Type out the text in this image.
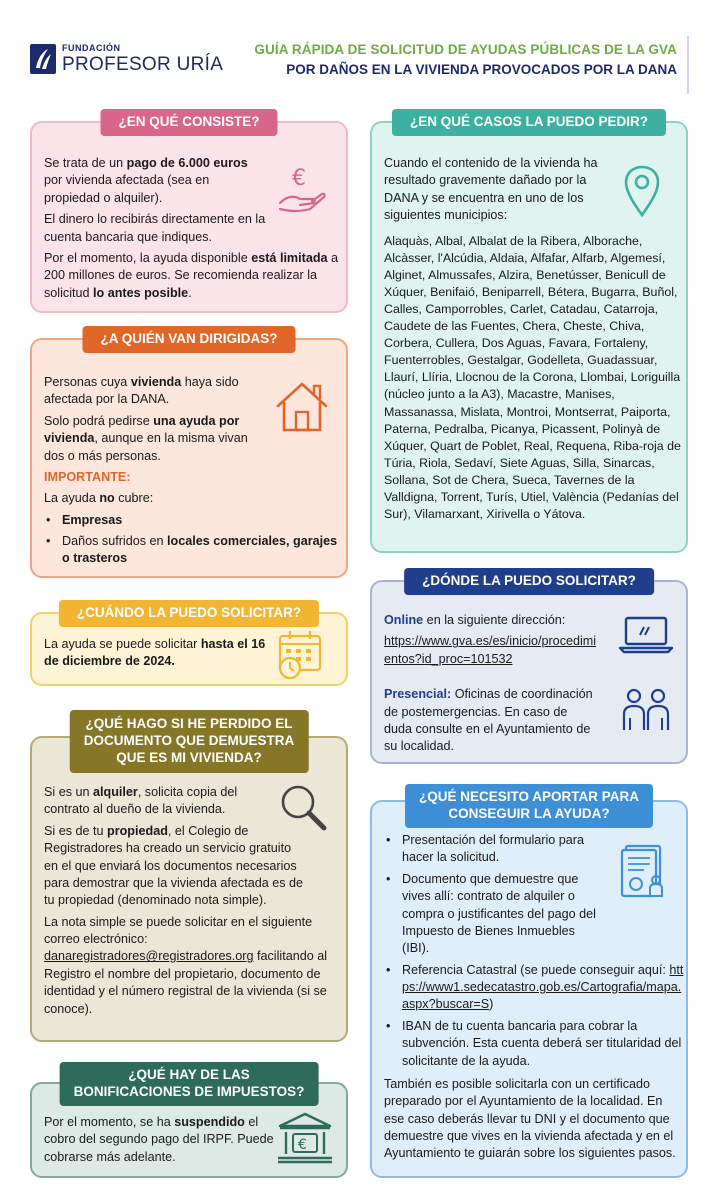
FUNDACIÓN
PROFESOR URÍA
GUÍA RÁPIDA DE SOLICITUD DE AYUDAS PÚBLICAS DE LA GVA
POR DAÑOS EN LA VIVIENDA PROVOCADOS POR LA DANA
¿EN QUÉ CONSISTE?

Se trata de un pago de 6.000 euros por vivienda afectada (sea en propiedad o alquiler).

El dinero lo recibirás directamente en la cuenta bancaria que indiques.

Por el momento, la ayuda disponible está limitada a 200 millones de euros. Se recomienda realizar la solicitud lo antes posible.

€
¿A QUIÉN VAN DIRIGIDAS?

Personas cuya vivienda haya sido afectada por la DANA.

Solo podrá pedirse una ayuda por vivienda, aunque en la misma vivan dos o más personas.

IMPORTANTE:

La ayuda no cubre:

• Empresas
• Daños sufridos en locales comerciales, garajes o trasteros
¿CUÁNDO LA PUEDO SOLICITAR?

La ayuda se puede solicitar hasta el 16 de diciembre de 2024.

¿QUÉ HAGO SI HE PERDIDO EL
DOCUMENTO QUE DEMUESTRA
QUE ES MI VIVIENDA?

Si es un alquiler, solicita copia del contrato al dueño de la vivienda.

Si es de tu propiedad, el Colegio de Registradores ha creado un servicio gratuito en el que enviará los documentos necesarios para demostrar que la vivienda afectada es de tu propiedad (denominado nota simple).

La nota simple se puede solicitar en el siguiente correo electrónico: danaregistradores@registradores.org facilitando al Registro el nombre del propietario, documento de identidad y el número registral de la vivienda (si se conoce).

¿QUÉ HAY DE LAS
BONIFICACIONES DE IMPUESTOS?

Por el momento, se ha suspendido el cobro del segundo pago del IRPF. Puede cobrarse más adelante.

€
¿EN QUÉ CASOS LA PUEDO PEDIR?

Cuando el contenido de la vivienda ha resultado gravemente dañado por la DANA y se encuentra en uno de los siguientes municipios:

Alaquàs, Albal, Albalat de la Ribera, Alborache, Alcàsser, l'Alcúdia, Aldaia, Alfafar, Alfarb, Algemesí, Alginet, Almussafes, Alzira, Benetússer, Benicull de Xúquer, Benifaió, Beniparrell, Bétera, Bugarra, Buñol, Calles, Camporrobles, Carlet, Catadau, Catarroja, Caudete de las Fuentes, Chera, Cheste, Chiva, Corbera, Cullera, Dos Aguas, Favara, Fortaleny, Fuenterrobles, Gestalgar, Godelleta, Guadassuar, Llaurí, Llíria, Llocnou de la Corona, Llombai, Loriguilla (núcleo junto a la A3), Macastre, Manises, Massanassa, Mislata, Montroi, Montserrat, Paiporta, Paterna, Pedralba, Picanya, Picassent, Polinyà de Xúquer, Quart de Poblet, Real, Requena, Riba-roja de Túria, Riola, Sedaví, Siete Aguas, Silla, Sinarcas, Sollana, Sot de Chera, Sueca, Tavernes de la Valldigna, Torrent, Turís, Utiel, València (Pedanías del Sur), Vilamarxant, Xirivella o Yátova.

¿DÓNDE LA PUEDO SOLICITAR?

Online en la siguiente dirección:

https://www.gva.es/es/inicio/procedimientos?id_proc=101532

Presencial: Oficinas de coordinación de postemergencias. En caso de duda consulte en el Ayuntamiento de su localidad.

¿QUÉ NECESITO APORTAR PARA
CONSEGUIR LA AYUDA?
• Presentación del formulario para hacer la solicitud.
• Documento que demuestre que vives allí: contrato de alquiler o compra o justificantes del pago del Impuesto de Bienes Inmuebles (IBI).
• Referencia Catastral (se puede conseguir aquí: https://www1.sedecatastro.gob.es/Cartografia/mapa.aspx?buscar=S)
• IBAN de tu cuenta bancaria para cobrar la subvención. Esta cuenta deberá ser titularidad del solicitante de la ayuda.

También es posible solicitarla con un certificado preparado por el Ayuntamiento de la localidad. En ese caso deberás llevar tu DNI y el documento que demuestre que vives en la vivienda afectada y en el Ayuntamiento te guiarán sobre los siguientes pasos.
